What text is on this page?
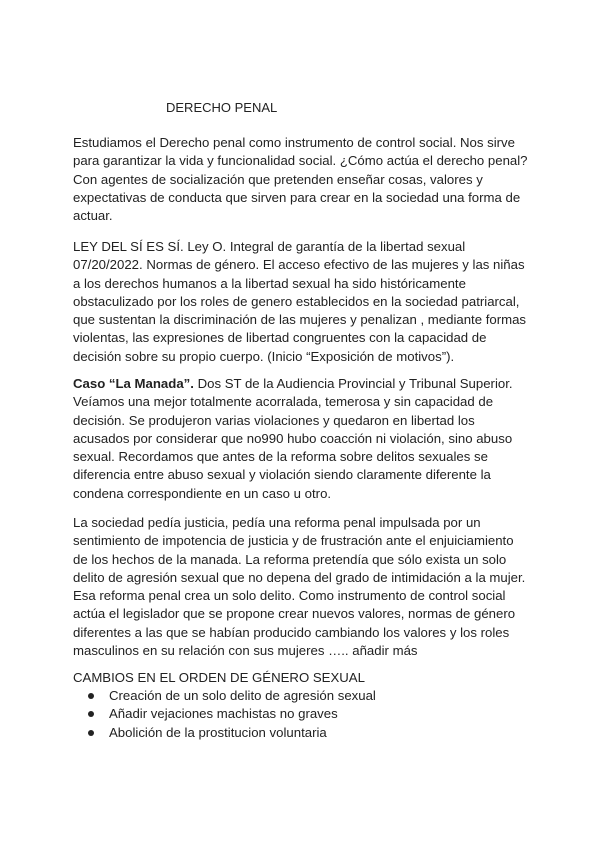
DERECHO PENAL

Estudiamos el Derecho penal como instrumento de control social. Nos sirve
para garantizar la vida y funcionalidad social. ¿Cómo actúa el derecho penal?
Con agentes de socialización que pretenden enseñar cosas, valores y
expectativas de conducta que sirven para crear en la sociedad una forma de
actuar.

LEY DEL SÍ ES SÍ. Ley O. Integral de garantía de la libertad sexual
07/20/2022. Normas de género. El acceso efectivo de las mujeres y las niñas
a los derechos humanos a la libertad sexual ha sido históricamente
obstaculizado por los roles de genero establecidos en la sociedad patriarcal,
que sustentan la discriminación de las mujeres y penalizan , mediante formas
violentas, las expresiones de libertad congruentes con la capacidad de
decisión sobre su propio cuerpo. (Inicio “Exposición de motivos”).

Caso “La Manada”. Dos ST de la Audiencia Provincial y Tribunal Superior.
Veíamos una mejor totalmente acorralada, temerosa y sin capacidad de
decisión. Se produjeron varias violaciones y quedaron en libertad los
acusados por considerar que no990 hubo coacción ni violación, sino abuso
sexual. Recordamos que antes de la reforma sobre delitos sexuales se
diferencia entre abuso sexual y violación siendo claramente diferente la
condena correspondiente en un caso u otro.

La sociedad pedía justicia, pedía una reforma penal impulsada por un
sentimiento de impotencia de justicia y de frustración ante el enjuiciamiento
de los hechos de la manada. La reforma pretendía que sólo exista un solo
delito de agresión sexual que no depena del grado de intimidación a la mujer.
Esa reforma penal crea un solo delito. Como instrumento de control social
actúa el legislador que se propone crear nuevos valores, normas de género
diferentes a las que se habían producido cambiando los valores y los roles
masculinos en su relación con sus mujeres ….. añadir más

CAMBIOS EN EL ORDEN DE GÉNERO SEXUAL
Creación de un solo delito de agresión sexual
Añadir vejaciones machistas no graves
Abolición de la prostitucion voluntaria
